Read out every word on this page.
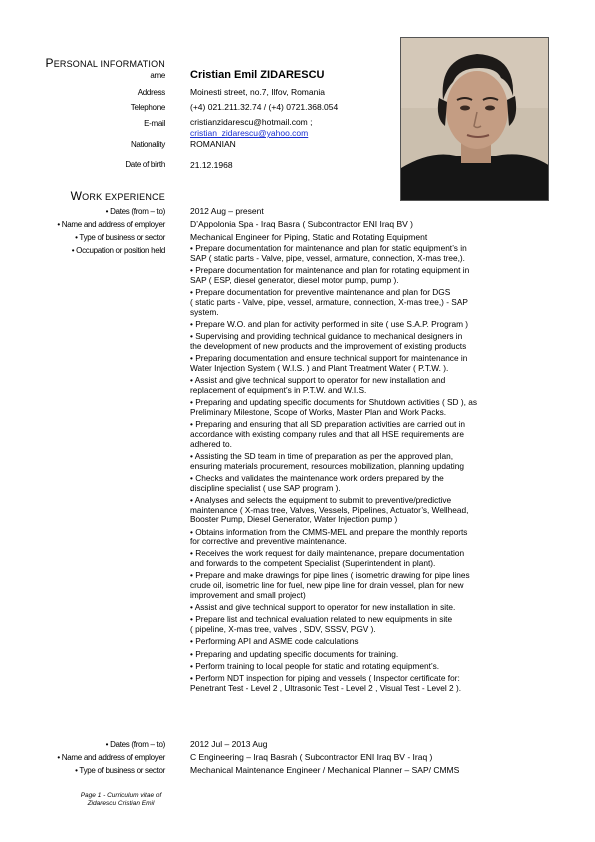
PERSONAL INFORMATION
ame Cristian Emil ZIDARESCU
Address	Moinesti street, no.7, Ilfov, Romania
Telephone	(+4) 021.211.32.74 / (+4) 0721.368.054
E-mail	cristianzidarescu@hotmail.com ;
cristian_zidarescu@yahoo.com
Nationality	ROMANIAN
Date of birth	21.12.1968
WORK EXPERIENCE
• Dates (from – to)	2012 Aug – present
• Name and address of employer	D’Appolonia Spa - Iraq Basra ( Subcontractor ENI Iraq BV )
• Type of business or sector	Mechanical Engineer for Piping, Static and Rotating Equipment
• Occupation or position held	• Prepare documentation for maintenance and plan for static equipment’s in
SAP ( static parts - Valve, pipe, vessel, armature, connection, X-mas tree,).
• Prepare documentation for maintenance and plan for rotating equipment in
SAP ( ESP, diesel generator, diesel motor pump, pump ).
• Prepare documentation for preventive maintenance and plan for DGS
( static parts - Valve, pipe, vessel, armature, connection, X-mas tree,) - SAP
system.
• Prepare W.O. and plan for activity performed in site ( use S.A.P. Program )
• Supervising and providing technical guidance to mechanical designers in
the development of new products and the improvement of existing products
• Preparing documentation and ensure technical support for maintenance in
Water Injection System ( W.I.S. ) and Plant Treatment Water ( P.T.W. ).
• Assist and give technical support to operator for new installation and
replacement of equipment’s in P.T.W. and W.I.S.
• Preparing and updating specific documents for Shutdown activities ( SD ), as
Preliminary Milestone, Scope of Works, Master Plan and Work Packs.
• Preparing and ensuring that all SD preparation activities are carried out in
accordance with existing company rules and that all HSE requirements are
adhered to.
• Assisting the SD team in time of preparation as per the approved plan,
ensuring materials procurement, resources mobilization, planning updating
• Checks and validates the maintenance work orders prepared by the
discipline specialist ( use SAP program ).
• Analyses and selects the equipment to submit to preventive/predictive
maintenance ( X-mas tree, Valves, Vessels, Pipelines, Actuator’s, Wellhead,
Booster Pump, Diesel Generator, Water Injection pump )
• Obtains information from the CMMS-MEL and prepare the monthly reports
for corrective and preventive maintenance.
• Receives the work request for daily maintenance, prepare documentation
and forwards to the competent Specialist (Superintendent in plant).
• Prepare and make drawings for pipe lines ( isometric drawing for pipe lines
crude oil, isometric line for fuel, new pipe line for drain vessel, plan for new
improvement and small project)
• Assist and give technical support to operator for new installation in site.
• Prepare list and technical evaluation related to new equipments in site
( pipeline, X-mas tree, valves , SDV, SSSV, PGV ).
• Performing API and ASME code calculations
• Preparing and updating specific documents for training.
• Perform training to local people for static and rotating equipment’s.
• Perform NDT inspection for piping and vessels ( Inspector certificate for:
Penetrant Test - Level 2 , Ultrasonic Test - Level 2 , Visual Test - Level 2 ).
• Dates (from – to)	2012 Jul – 2013 Aug
• Name and address of employer	C Engineering – Iraq Basrah ( Subcontractor ENI Iraq BV - Iraq )
• Type of business or sector	Mechanical Maintenance Engineer / Mechanical Planner – SAP/ CMMS
Page 1 - Curriculum vitae of
Zidarescu Cristian Emil
